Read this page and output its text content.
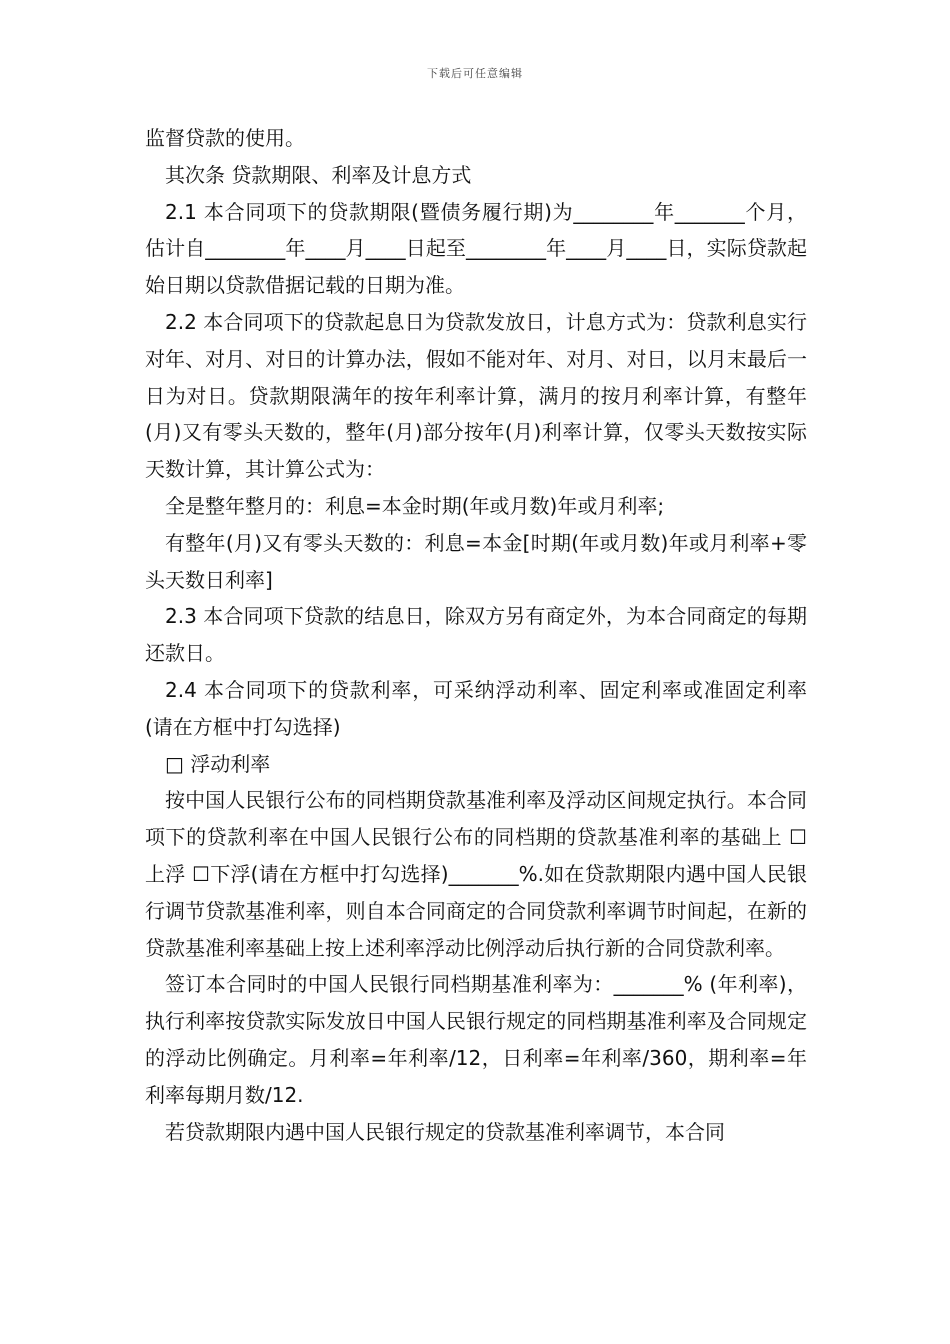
下载后可任意编辑

监督贷款的使用。

其次条 贷款期限、利率及计息方式

2.1 本合同项下的贷款期限(暨债务履行期)为________年_______个月，估计自________年____月____日起至________年____月____日，实际贷款起始日期以贷款借据记载的日期为准。

2.2 本合同项下的贷款起息日为贷款发放日，计息方式为：贷款利息实行对年、对月、对日的计算办法，假如不能对年、对月、对日，以月末最后一日为对日。贷款期限满年的按年利率计算，满月的按月利率计算，有整年(月)又有零头天数的，整年(月)部分按年(月)利率计算，仅零头天数按实际天数计算，其计算公式为：

全是整年整月的：利息=本金时期(年或月数)年或月利率;

有整年(月)又有零头天数的：利息=本金[时期(年或月数)年或月利率+零头天数日利率]

2.3 本合同项下贷款的结息日，除双方另有商定外，为本合同商定的每期还款日。

2.4 本合同项下的贷款利率，可采纳浮动利率、固定利率或准固定利率(请在方框中打勾选择)

□ 浮动利率

按中国人民银行公布的同档期贷款基准利率及浮动区间规定执行。本合同项下的贷款利率在中国人民银行公布的同档期的贷款基准利率的基础上 ☐上浮 ☐下浮(请在方框中打勾选择)_______%.如在贷款期限内遇中国人民银行调节贷款基准利率，则自本合同商定的合同贷款利率调节时间起，在新的贷款基准利率基础上按上述利率浮动比例浮动后执行新的合同贷款利率。

签订本合同时的中国人民银行同档期基准利率为：_______% (年利率)，执行利率按贷款实际发放日中国人民银行规定的同档期基准利率及合同规定的浮动比例确定。月利率=年利率/12，日利率=年利率/360，期利率=年利率每期月数/12.

若贷款期限内遇中国人民银行规定的贷款基准利率调节，本合同
